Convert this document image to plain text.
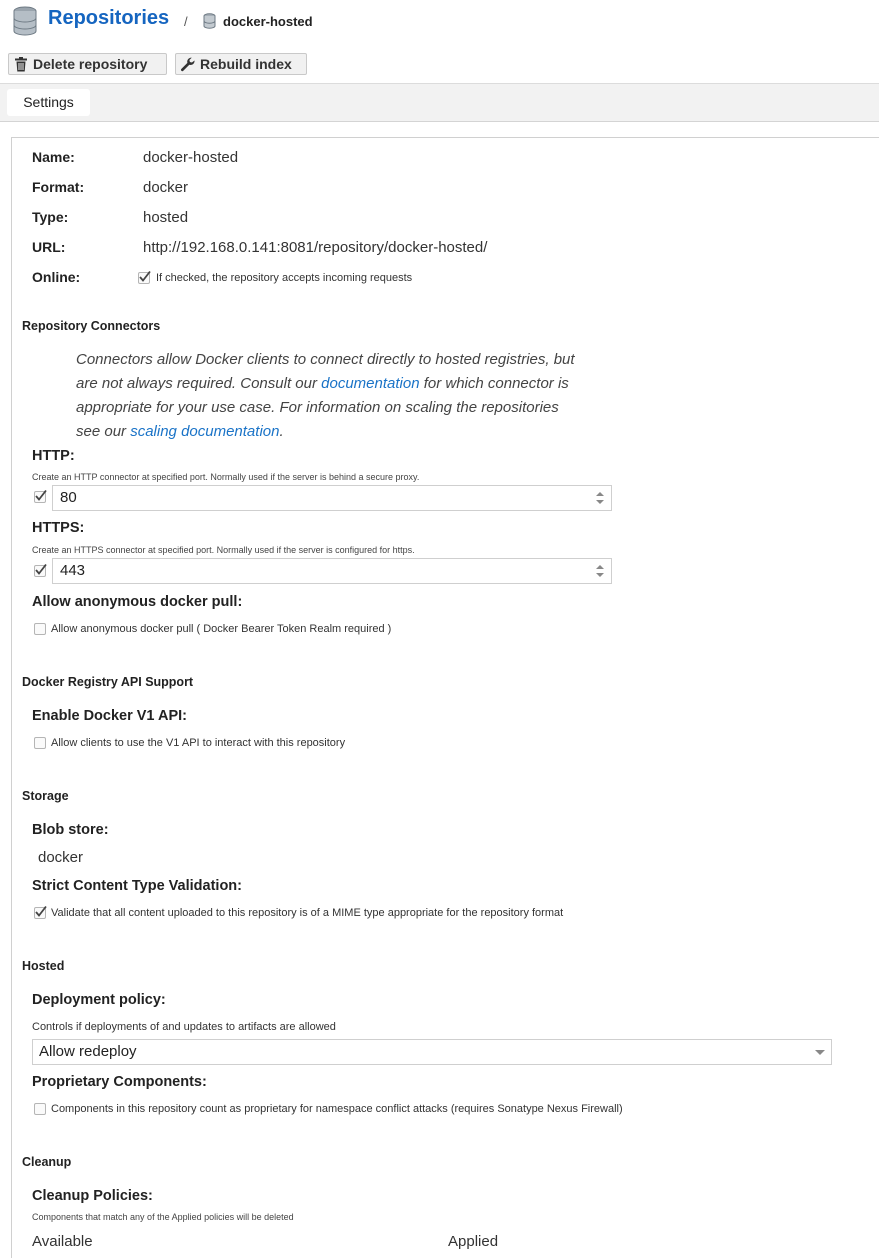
Repositories /	docker-hosted
Delete repository	Rebuild index
Settings
Name:	docker-hosted
Format:	docker
Type:	hosted
URL:	http://192.168.0.141:8081/repository/docker-hosted/
Online:	If checked, the repository accepts incoming requests
Repository Connectors
Connectors allow Docker clients to connect directly to hosted registries, but are not always required. Consult our documentation for which connector is appropriate for your use case. For information on scaling the repositories see our scaling documentation.
HTTP:
Create an HTTP connector at specified port. Normally used if the server is behind a secure proxy.
80
HTTPS:
Create an HTTPS connector at specified port. Normally used if the server is configured for https.
443
Allow anonymous docker pull:
Allow anonymous docker pull ( Docker Bearer Token Realm required )
Docker Registry API Support
Enable Docker V1 API:
Allow clients to use the V1 API to interact with this repository
Storage
Blob store:
docker
Strict Content Type Validation:
Validate that all content uploaded to this repository is of a MIME type appropriate for the repository format
Hosted
Deployment policy:
Controls if deployments of and updates to artifacts are allowed
Allow redeploy
Proprietary Components:
Components in this repository count as proprietary for namespace conflict attacks (requires Sonatype Nexus Firewall)
Cleanup
Cleanup Policies:
Components that match any of the Applied policies will be deleted
Available	Applied
